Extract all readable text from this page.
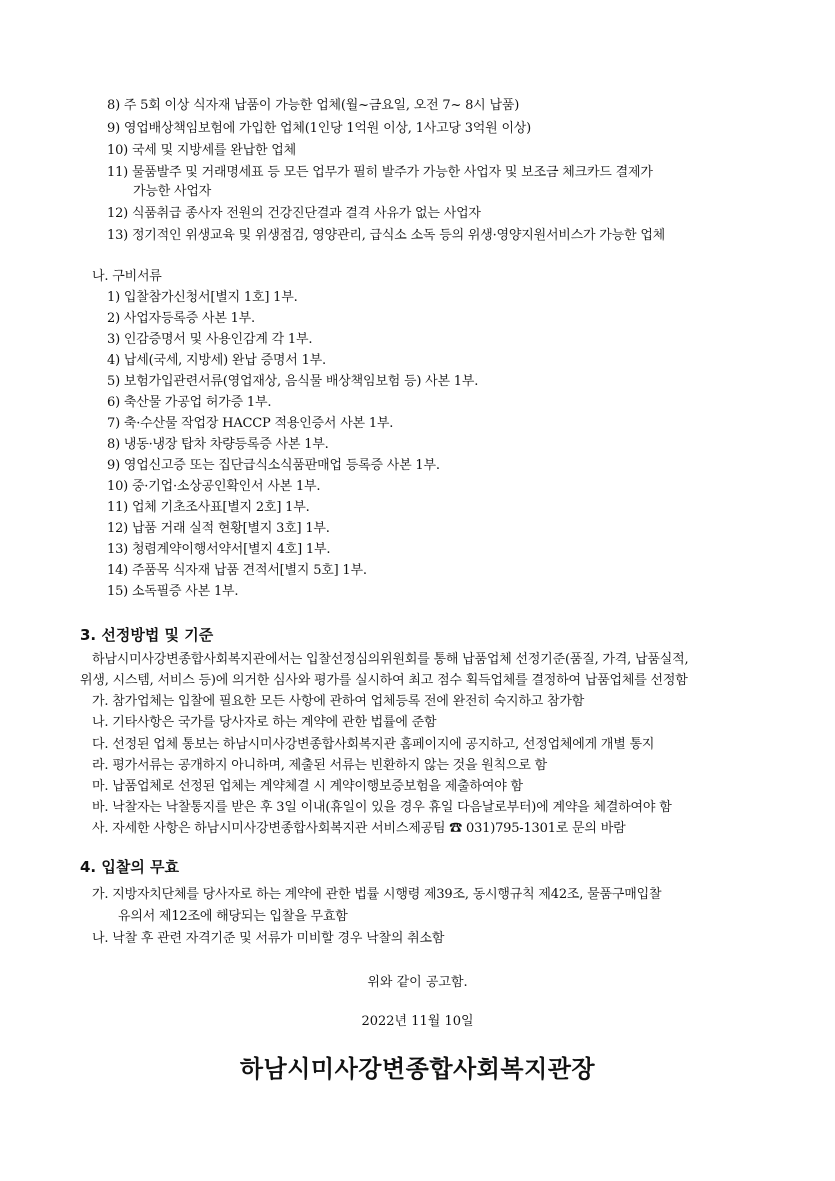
8) 주 5회 이상 식자재 납품이 가능한 업체(월~금요일, 오전 7~ 8시 납품)
9) 영업배상책임보험에 가입한 업체(1인당 1억원 이상, 1사고당 3억원 이상)
10) 국세 및 지방세를 완납한 업체
11) 물품발주 및 거래명세표 등 모든 업무가 필히 발주가 가능한 사업자 및 보조금 체크카드 결제가
가능한 사업자
12) 식품취급 종사자 전원의 건강진단결과 결격 사유가 없는 사업자
13) 정기적인 위생교육 및 위생점검, 영양관리, 급식소 소독 등의 위생·영양지원서비스가 가능한 업체
나. 구비서류
1) 입찰참가신청서[별지 1호] 1부.
2) 사업자등록증 사본 1부.
3) 인감증명서 및 사용인감계 각 1부.
4) 납세(국세, 지방세) 완납 증명서 1부.
5) 보험가입관련서류(영업재상, 음식물 배상책임보험 등) 사본 1부.
6) 축산물 가공업 허가증 1부.
7) 축·수산물 작업장 HACCP 적용인증서 사본 1부.
8) 냉동·냉장 탑차 차량등록증 사본 1부.
9) 영업신고증 또는 집단급식소식품판매업 등록증 사본 1부.
10) 중·기업·소상공인확인서 사본 1부.
11) 업체 기초조사표[별지 2호] 1부.
12) 납품 거래 실적 현황[별지 3호] 1부.
13) 청렴계약이행서약서[별지 4호] 1부.
14) 주품목 식자재 납품 견적서[별지 5호] 1부.
15) 소독필증 사본 1부.
3. 선정방법 및 기준
하남시미사강변종합사회복지관에서는 입찰선정심의위원회를 통해 납품업체 선정기준(품질, 가격, 납품실적,
위생, 시스템, 서비스 등)에 의거한 심사와 평가를 실시하여 최고 점수 획득업체를 결정하여 납품업체를 선정함
가. 참가업체는 입찰에 필요한 모든 사항에 관하여 업체등록 전에 완전히 숙지하고 참가함
나. 기타사항은 국가를 당사자로 하는 계약에 관한 법률에 준함
다. 선정된 업체 통보는 하남시미사강변종합사회복지관 홈페이지에 공지하고, 선정업체에게 개별 통지
라. 평가서류는 공개하지 아니하며, 제출된 서류는 빈환하지 않는 것을 원칙으로 함
마. 납품업체로 선정된 업체는 계약체결 시 계약이행보증보험을 제출하여야 함
바. 낙찰자는 낙찰통지를 받은 후 3일 이내(휴일이 있을 경우 휴일 다음날로부터)에 계약을 체결하여야 함
사. 자세한 사항은 하남시미사강변종합사회복지관 서비스제공팀 ☎ 031)795-1301로 문의 바람
4. 입찰의 무효
가. 지방자치단체를 당사자로 하는 계약에 관한 법률 시행령 제39조, 동시행규칙 제42조, 물품구매입찰
유의서 제12조에 해당되는 입찰을 무효함
나. 낙찰 후 관련 자격기준 및 서류가 미비할 경우 낙찰의 취소함
위와 같이 공고함.
2022년 11월 10일
하남시미사강변종합사회복지관장
